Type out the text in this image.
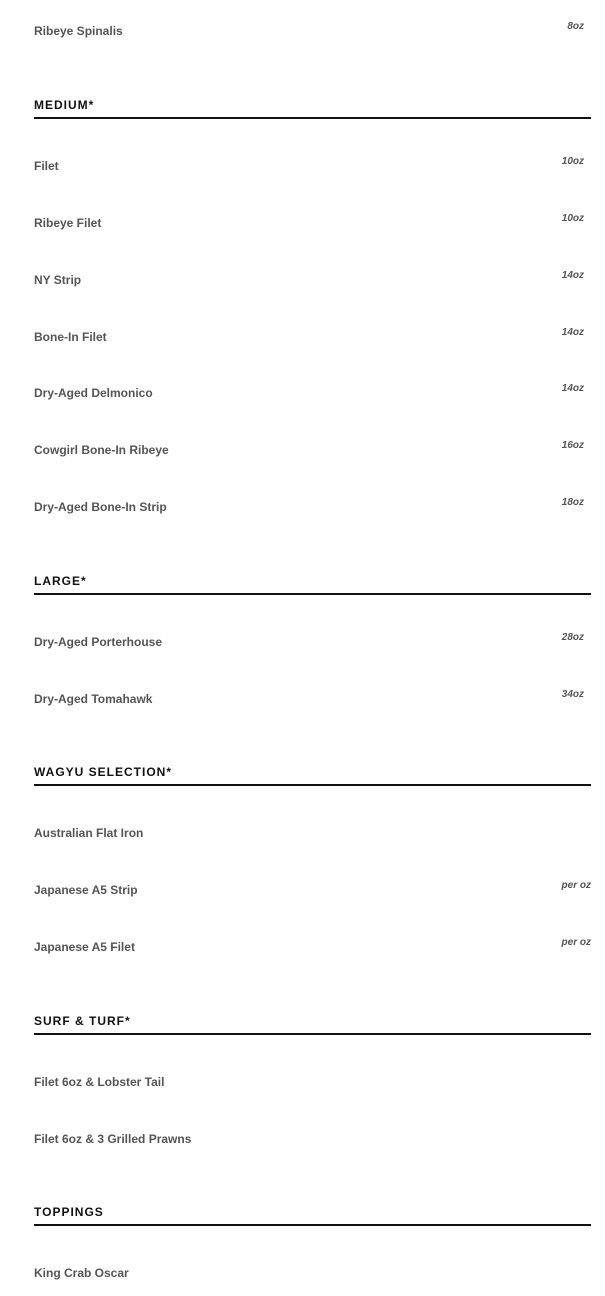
Ribeye Spinalis	8oz
MEDIUM*
Filet	10oz
Ribeye Filet	10oz
NY Strip	14oz
Bone-In Filet	14oz
Dry-Aged Delmonico	14oz
Cowgirl Bone-In Ribeye	16oz
Dry-Aged Bone-In Strip	18oz
LARGE*
Dry-Aged Porterhouse	28oz
Dry-Aged Tomahawk	34oz
WAGYU SELECTION*
Australian Flat Iron
Japanese A5 Strip	per oz
Japanese A5 Filet	per oz
SURF & TURF*
Filet 6oz & Lobster Tail
Filet 6oz & 3 Grilled Prawns
TOPPINGS
King Crab Oscar
